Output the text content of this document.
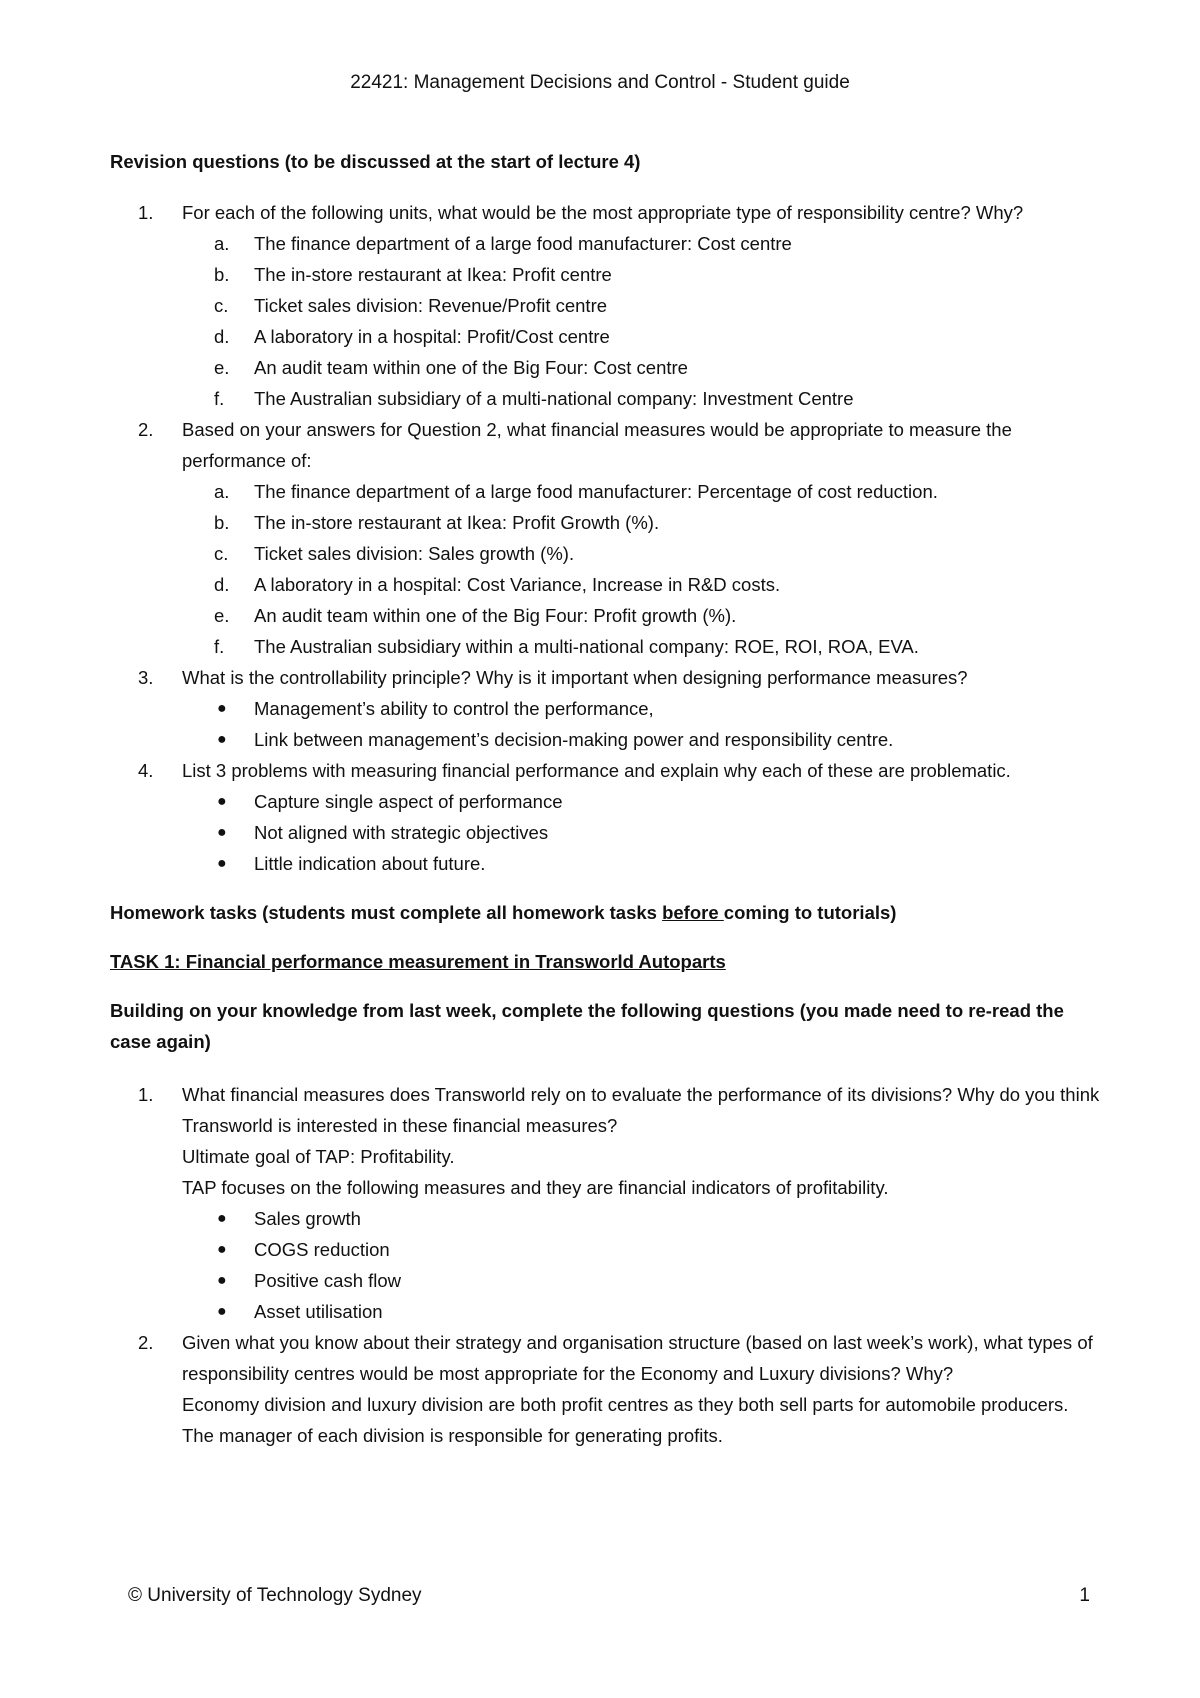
22421: Management Decisions and Control - Student guide

Revision questions (to be discussed at the start of lecture 4)

1. For each of the following units, what would be the most appropriate type of responsibility centre? Why?
a. The finance department of a large food manufacturer: Cost centre
b. The in-store restaurant at Ikea: Profit centre
c. Ticket sales division: Revenue/Profit centre
d. A laboratory in a hospital: Profit/Cost centre
e. An audit team within one of the Big Four: Cost centre
f. The Australian subsidiary of a multi-national company: Investment Centre
2. Based on your answers for Question 2, what financial measures would be appropriate to measure the performance of:
a. The finance department of a large food manufacturer: Percentage of cost reduction.
b. The in-store restaurant at Ikea: Profit Growth (%).
c. Ticket sales division: Sales growth (%).
d. A laboratory in a hospital: Cost Variance, Increase in R&D costs.
e. An audit team within one of the Big Four: Profit growth (%).
f. The Australian subsidiary within a multi-national company: ROE, ROI, ROA, EVA.
3. What is the controllability principle? Why is it important when designing performance measures?
● Management’s ability to control the performance,
● Link between management’s decision-making power and responsibility centre.
4. List 3 problems with measuring financial performance and explain why each of these are problematic.
● Capture single aspect of performance
● Not aligned with strategic objectives
● Little indication about future.

Homework tasks (students must complete all homework tasks before coming to tutorials)

TASK 1: Financial performance measurement in Transworld Autoparts

Building on your knowledge from last week, complete the following questions (you made need to re-read the case again)

1. What financial measures does Transworld rely on to evaluate the performance of its divisions? Why do you think Transworld is interested in these financial measures?
Ultimate goal of TAP: Profitability.
TAP focuses on the following measures and they are financial indicators of profitability.
● Sales growth
● COGS reduction
● Positive cash flow
● Asset utilisation
2. Given what you know about their strategy and organisation structure (based on last week’s work), what types of responsibility centres would be most appropriate for the Economy and Luxury divisions? Why?
Economy division and luxury division are both profit centres as they both sell parts for automobile producers. The manager of each division is responsible for generating profits.
© University of Technology Sydney	1
